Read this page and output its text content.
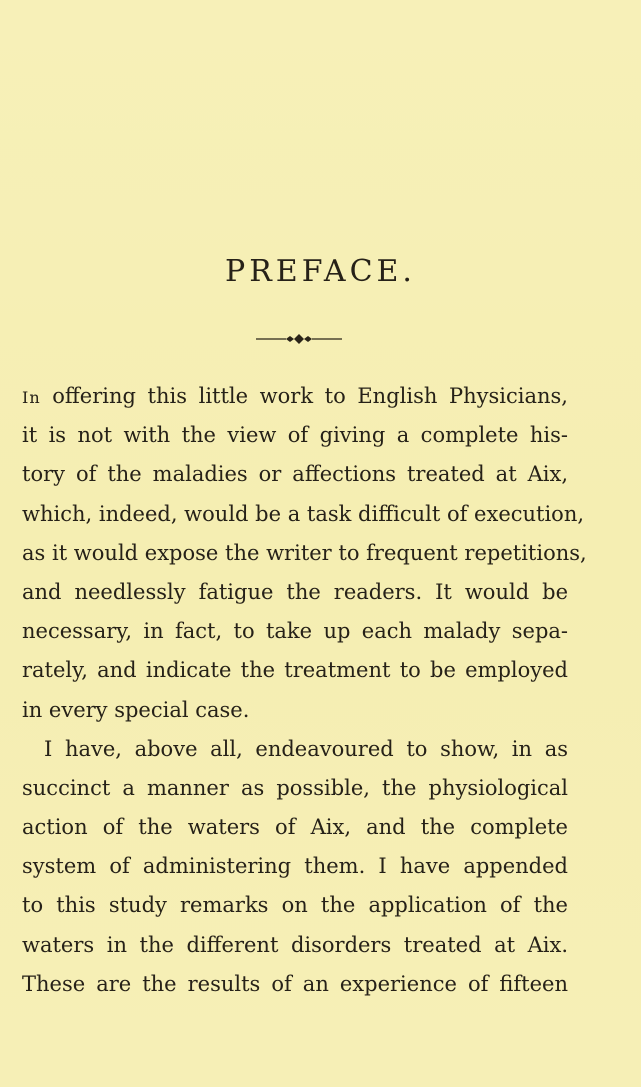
PREFACE.
In offering this little work to English Physicians,
it is not with the view of giving a complete his-
tory of the maladies or affections treated at Aix,
which, indeed, would be a task difficult of execution,
as it would expose the writer to frequent repetitions,
and needlessly fatigue the readers. It would be
necessary, in fact, to take up each malady sepa-
rately, and indicate the treatment to be employed
in every special case.
I have, above all, endeavoured to show, in as
succinct a manner as possible, the physiological
action of the waters of Aix, and the complete
system of administering them. I have appended
to this study remarks on the application of the
waters in the different disorders treated at Aix.
These are the results of an experience of fifteen
